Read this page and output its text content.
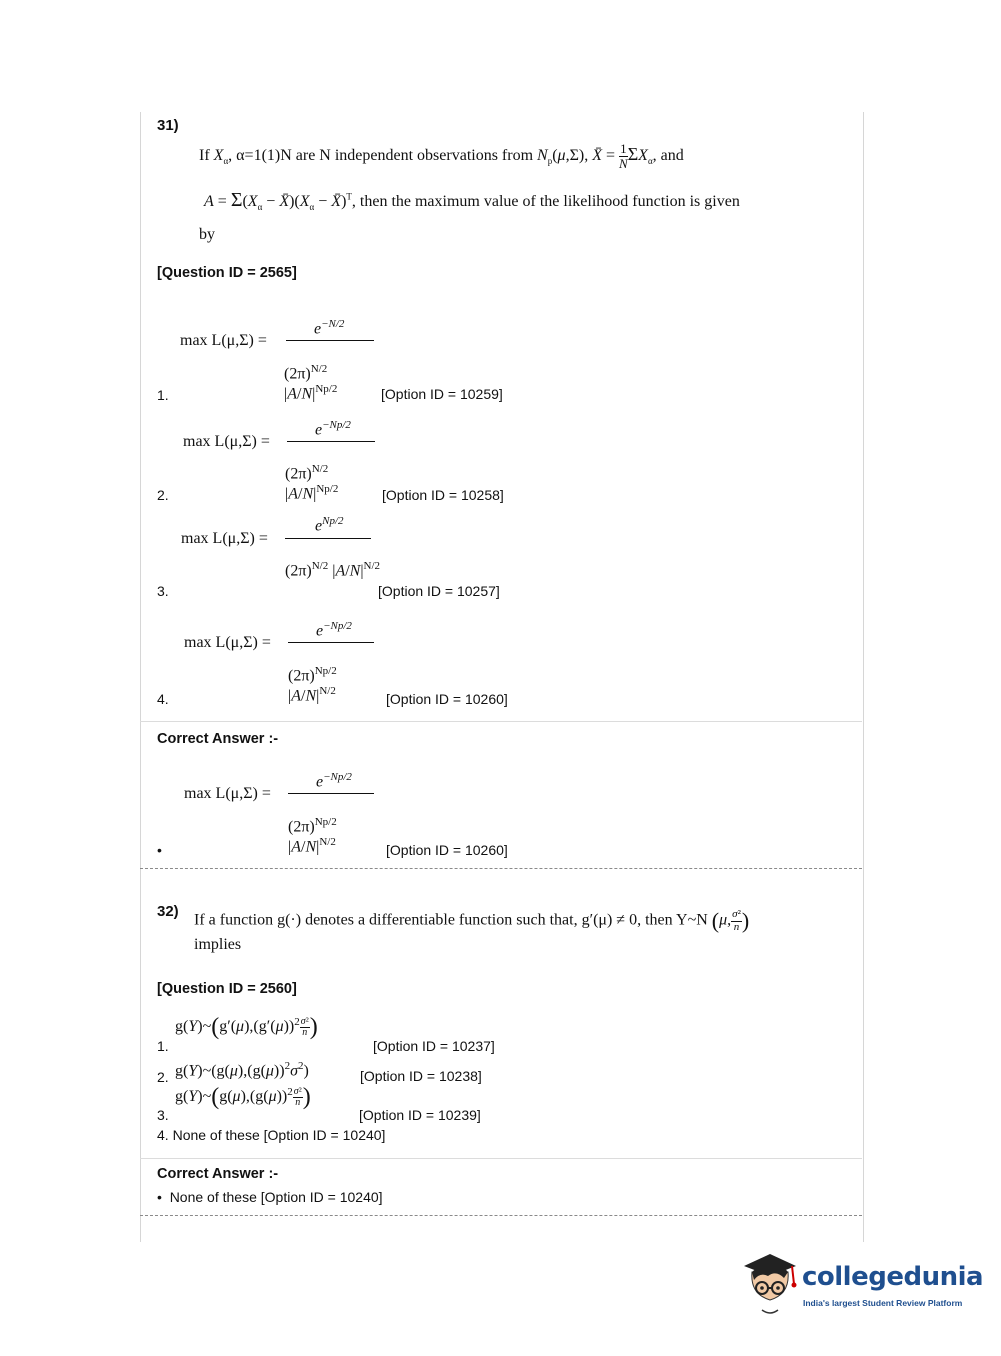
31)
If $X_\alpha$, α=1(1)N are N independent observations from $N_p(\mu,\Sigma)$, X̄ = $\frac{1}{N} \Sigma X_\alpha$, and
$A = \Sigma(X_\alpha$ − $X̄)(X_\alpha$ − X̄)$^T$, then the maximum value of the likelihood function is given
by
[Question ID = 2565]
max L(μ,Σ) =
$e^{-N/2}$
$(2\pi)^{N/2}$ $|A/N|^{Np/2}$
1.	[Option ID = 10259]
max L(μ,Σ) =
$e^{-Np/2}$
$(2\pi)^{N/2}$ $|A/N|^{Np/2}$
2.	[Option ID = 10258]
max L(μ,Σ) =
$e^{Np/2}$
$(2\pi)^{N/2}$ $|A/N|^{N/2}$
3.	[Option ID = 10257]
max L(μ,Σ) =
$e^{-Np/2}$
$(2\pi)^{Np/2}$ $|A/N|^{N/2}$
4.	[Option ID = 10260]
Correct Answer :-
max L(μ,Σ) =
$e^{-Np/2}$
$(2\pi)^{Np/2}$ $|A/N|^{N/2}$
•	[Option ID = 10260]
32)
If a function g(·) denotes a differentiable function such that, g′(μ) ≠ 0, then Y~N (μ, $\frac{\text{σ²}}{n}$ )
implies
[Question ID = 2560]
$g(Y)\sim(g'(\mu),(g'(\mu))^2 \frac{\text{σ²}}{n}$ )
1.	[Option ID = 10237]
2. $g(Y)\sim(g(\mu),(g(\mu))^2\sigma^2)$	[Option ID = 10238]
$g(Y)\sim(g(\mu),(g(\mu))^2 \frac{\text{σ²}}{n}$ )
3.	[Option ID = 10239]
4. None of these [Option ID = 10240]
Correct Answer :-
• None of these [Option ID = 10240]
collegedunia
India's largest Student Review Platform
